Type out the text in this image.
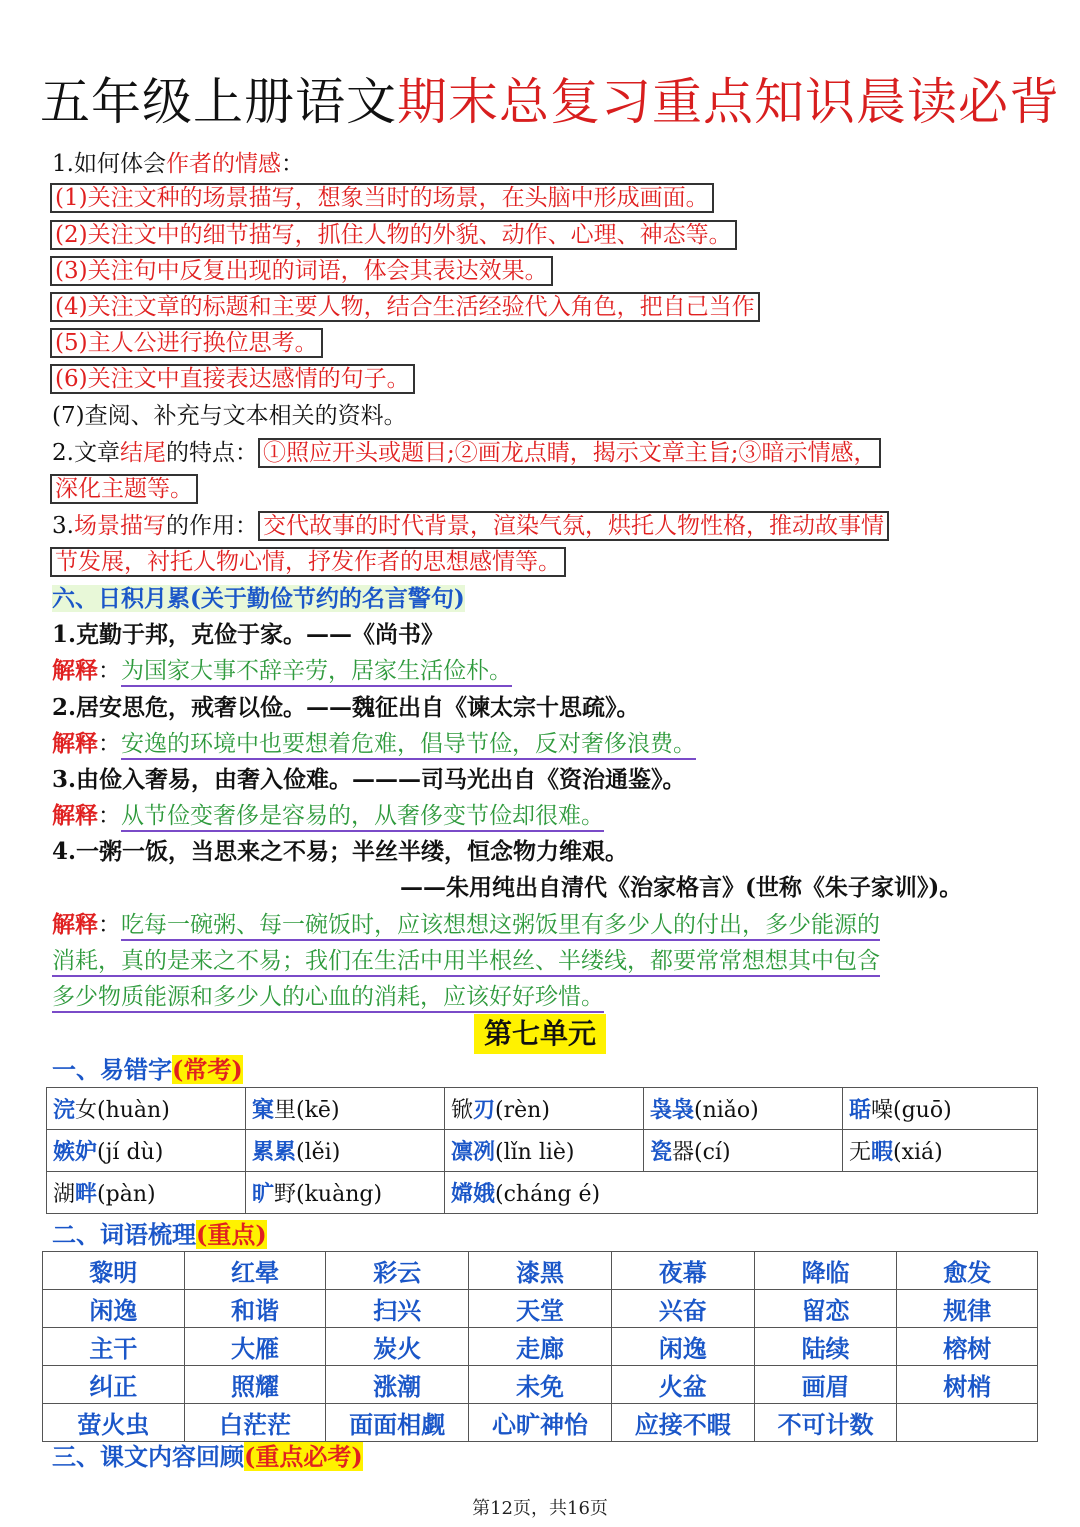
五年级上册语文期末总复习重点知识晨读必背
1.如何体会作者的情感：
(1)关注文种的场景描写，想象当时的场景，在头脑中形成画面。
(2)关注文中的细节描写，抓住人物的外貌、动作、心理、神态等。
(3)关注句中反复出现的词语，体会其表达效果。
(4)关注文章的标题和主要人物，结合生活经验代入角色，把自己当作
(5)主人公进行换位思考。
(6)关注文中直接表达感情的句子。
(7)查阅、补充与文本相关的资料。
2.文章结尾的特点： ①照应开头或题目;②画龙点睛，揭示文章主旨;③暗示情感，
深化主题等。
3.场景描写的作用： 交代故事的时代背景，渲染气氛，烘托人物性格，推动故事情
节发展，衬托人物心情，抒发作者的思想感情等。
六、日积月累(关于勤俭节约的名言警句)
1.克勤于邦，克俭于家。——《尚书》
解释：为国家大事不辞辛劳，居家生活俭朴。
2.居安思危，戒奢以俭。——魏征出自《谏太宗十思疏》。
解释：安逸的环境中也要想着危难，倡导节俭，反对奢侈浪费。
3.由俭入奢易，由奢入俭难。———司马光出自《资治通鉴》。
解释：从节俭变奢侈是容易的，从奢侈变节俭却很难。
4.一粥一饭，当思来之不易；半丝半缕，恒念物力维艰。
——朱用纯出自清代《治家格言》(世称《朱子家训》)。
解释：吃每一碗粥、每一碗饭时，应该想想这粥饭里有多少人的付出，多少能源的
消耗，真的是来之不易；我们在生活中用半根丝、半缕线，都要常常想想其中包含
多少物质能源和多少人的心血的消耗，应该好好珍惜。
第七单元
一、易错字(常考)
浣女(huàn)	窠里(kē)	锨刃(rèn)	袅袅(niǎo)	聒噪(guō)
嫉妒(jí dù)	累累(lěi)	凛冽(lǐn liè)	瓷器(cí)	无暇(xiá)
湖畔(pàn)	旷野(kuàng)	嫦娥(cháng é)		
二、词语梳理(重点)
黎明	红晕	彩云	漆黑	夜幕	降临	愈发
闲逸	和谐	扫兴	天堂	兴奋	留恋	规律
主干	大雁	炭火	走廊	闲逸	陆续	榕树
纠正	照耀	涨潮	未免	火盆	画眉	树梢
萤火虫	白茫茫	面面相觑	心旷神怡	应接不暇	不可计数	
三、课文内容回顾(重点必考)
第12页，共16页
